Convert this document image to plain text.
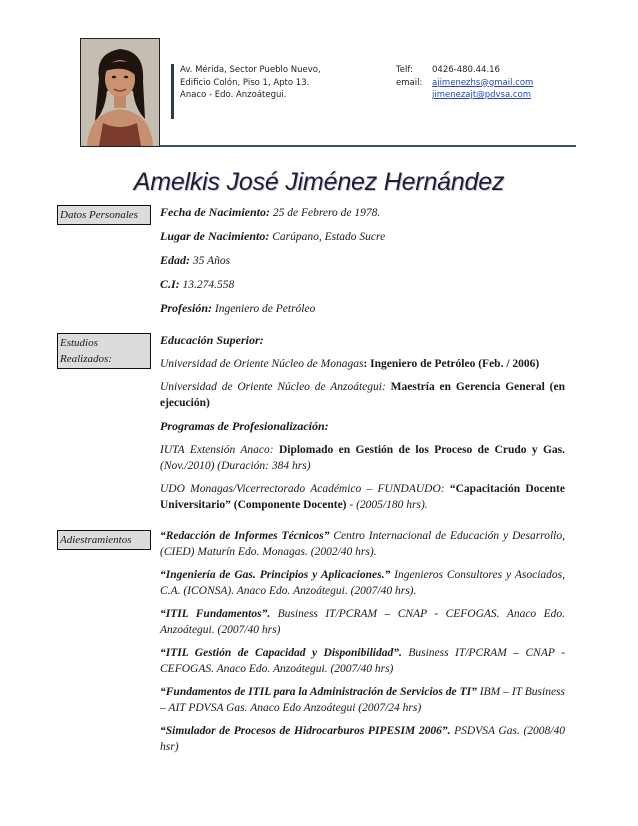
Av. Mérida, Sector Pueblo Nuevo,
Edificio Colón, Piso 1, Apto 13.
Anaco - Edo. Anzoátegui.
Telf:	0426-480.44.16
email:	ajimenezhs@gmail.com
jimenezajt@pdvsa.com
Amelkis José Jiménez Hernández
Datos Personales
Estudios Realizados:
Adiestramientos

Fecha de Nacimiento: 25 de Febrero de 1978.

Lugar de Nacimiento: Carúpano, Estado Sucre

Edad: 35 Años

C.I: 13.274.558

Profesión: Ingeniero de Petróleo

Educación Superior:

Universidad de Oriente Núcleo de Monagas: Ingeniero de Petróleo (Feb. / 2006)

Universidad de Oriente Núcleo de Anzoátegui: Maestría en Gerencia General (en ejecución)

Programas de Profesionalización:

IUTA Extensión Anaco: Diplomado en Gestión de los Proceso de Crudo y Gas. (Nov./2010) (Duración: 384 hrs)

UDO Monagas/Vicerrectorado Académico – FUNDAUDO: “Capacitación Docente Universitario” (Componente Docente) - (2005/180 hrs).

“Redacción de Informes Técnicos” Centro Internacional de Educación y Desarrollo, (CIED) Maturín Edo. Monagas. (2002/40 hrs).

“Ingeniería de Gas. Principios y Aplicaciones.” Ingenieros Consultores y Asociados, C.A. (ICONSA). Anaco Edo. Anzoátegui. (2007/40 hrs).

“ITIL Fundamentos”. Business IT/PCRAM – CNAP - CEFOGAS. Anaco Edo. Anzoátegui. (2007/40 hrs)

“ITIL Gestión de Capacidad y Disponibilidad”. Business IT/PCRAM – CNAP - CEFOGAS. Anaco Edo. Anzoátegui. (2007/40 hrs)

“Fundamentos de ITIL para la Administración de Servicios de TI” IBM – IT Business – AIT PDVSA Gas. Anaco Edo Anzoátegui (2007/24 hrs)

“Simulador de Procesos de Hidrocarburos PIPESIM 2006”. PSDVSA Gas. (2008/40 hsr)
